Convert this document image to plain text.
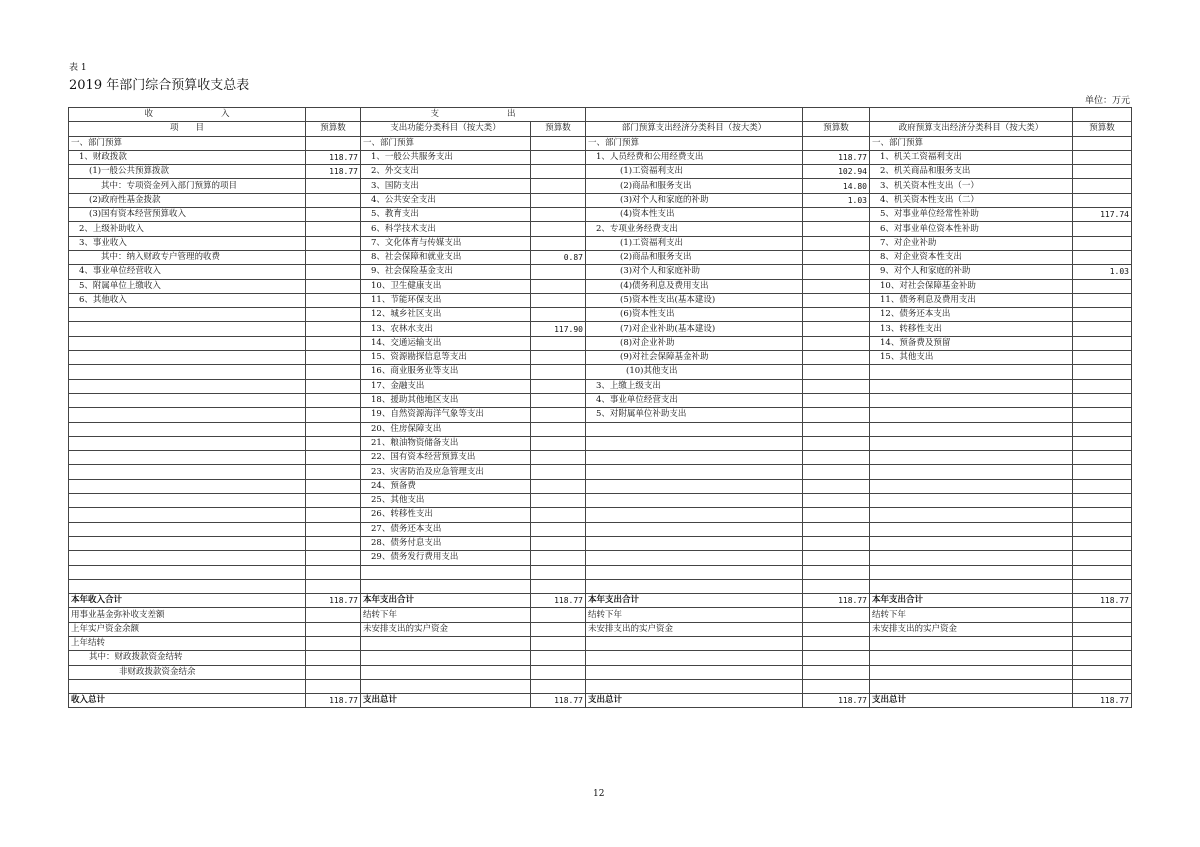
表 1
2019 年部门综合预算收支总表
单位：万元
收　　　　　　　　入		支　　　　　　　　出					
项　　目	预算数	支出功能分类科目（按大类）	预算数	部门预算支出经济分类科目（按大类）	预算数	政府预算支出经济分类科目（按大类）	预算数
一、部门预算		一、部门预算		一、部门预算		一、部门预算	
1、财政拨款	118.77	1、一般公共服务支出		1、人员经费和公用经费支出	118.77	1、机关工资福利支出	
(1)一般公共预算拨款	118.77	2、外交支出		(1)工资福利支出	102.94	2、机关商品和服务支出	
其中：专项资金列入部门预算的项目		3、国防支出		(2)商品和服务支出	14.80	3、机关资本性支出（一）	
(2)政府性基金拨款		4、公共安全支出		(3)对个人和家庭的补助	1.03	4、机关资本性支出（二）	
(3)国有资本经营预算收入		5、教育支出		(4)资本性支出		5、对事业单位经常性补助	117.74
2、上级补助收入		6、科学技术支出		2、专项业务经费支出		6、对事业单位资本性补助	
3、事业收入		7、文化体育与传媒支出		(1)工资福利支出		7、对企业补助	
其中：纳入财政专户管理的收费		8、社会保障和就业支出	0.87	(2)商品和服务支出		8、对企业资本性支出	
4、事业单位经营收入		9、社会保险基金支出		(3)对个人和家庭补助		9、对个人和家庭的补助	1.03
5、附属单位上缴收入		10、卫生健康支出		(4)债务利息及费用支出		10、对社会保障基金补助	
6、其他收入		11、节能环保支出		(5)资本性支出(基本建设)		11、债务利息及费用支出	
		12、城乡社区支出		(6)资本性支出		12、债务还本支出	
		13、农林水支出	117.90	(7)对企业补助(基本建设)		13、转移性支出	
		14、交通运输支出		(8)对企业补助		14、预备费及预留	
		15、资源勘探信息等支出		(9)对社会保障基金补助		15、其他支出	
		16、商业服务业等支出		(10)其他支出			
		17、金融支出		3、上缴上级支出			
		18、援助其他地区支出		4、事业单位经营支出			
		19、自然资源海洋气象等支出		5、对附属单位补助支出			
		20、住房保障支出					
		21、粮油物资储备支出					
		22、国有资本经营预算支出					
		23、灾害防治及应急管理支出					
		24、预备费					
		25、其他支出					
		26、转移性支出					
		27、债务还本支出					
		28、债务付息支出					
		29、债务发行费用支出					

本年收入合计	118.77	本年支出合计	118.77	本年支出合计	118.77	本年支出合计	118.77
用事业基金弥补收支差额		结转下年		结转下年		结转下年	
上年实户资金余额		未安排支出的实户资金		未安排支出的实户资金		未安排支出的实户资金	
上年结转							
其中：财政拨款资金结转							
非财政拨款资金结余							

收入总计	118.77	支出总计	118.77	支出总计	118.77	支出总计	118.77
12
